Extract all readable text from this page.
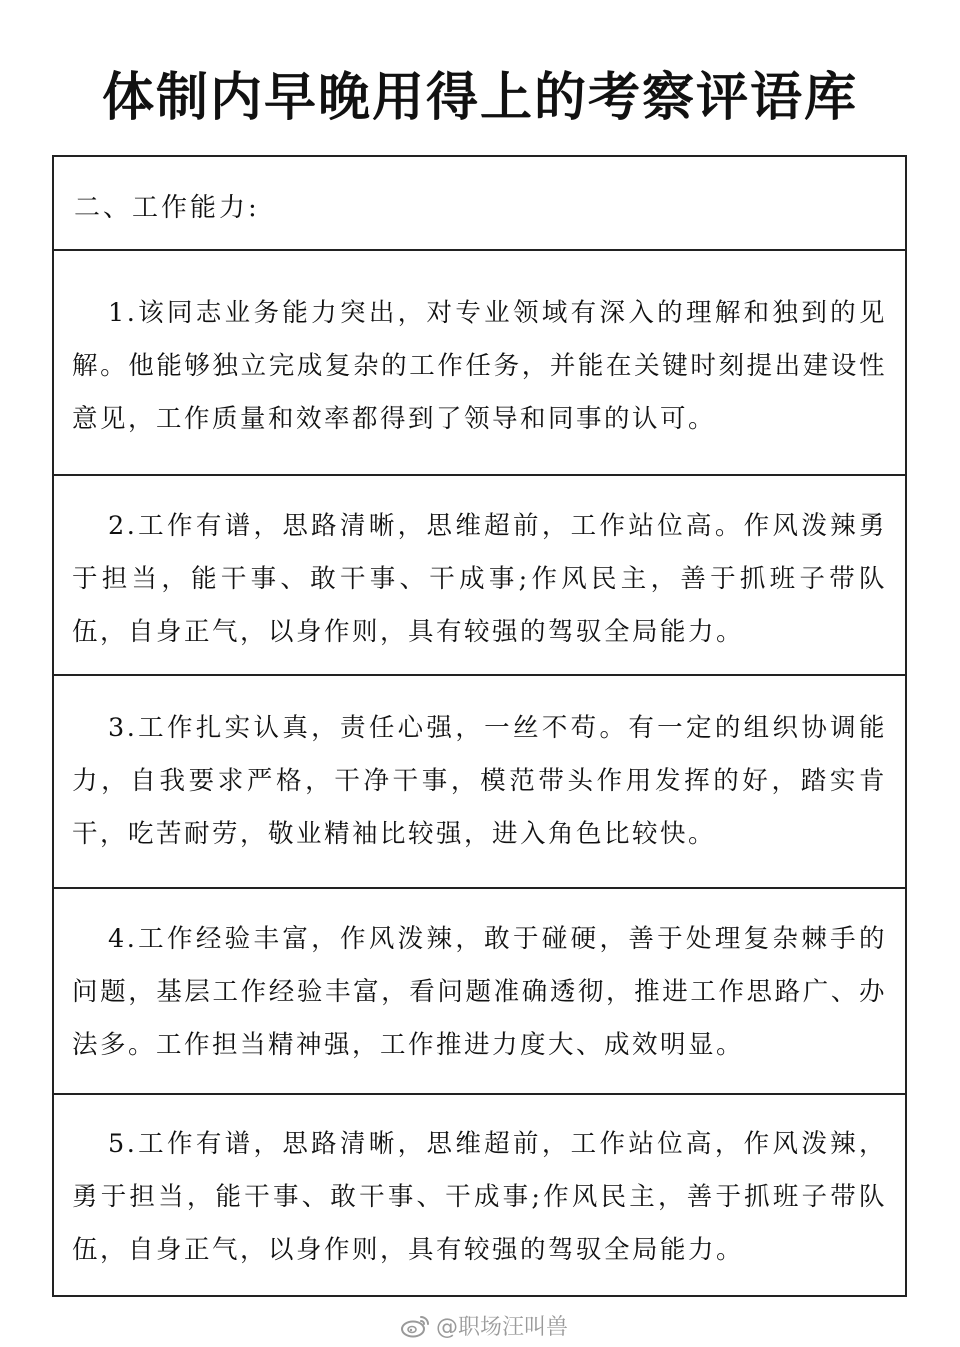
体制内早晚用得上的考察评语库
二、工作能力:

1.该同志业务能力突出，对专业领域有深入的理解和独到的见解。他能够独立完成复杂的工作任务，并能在关键时刻提出建设性意见，工作质量和效率都得到了领导和同事的认可。

2.工作有谱，思路清晰，思维超前，工作站位高。作风泼辣勇于担当，能干事、敢干事、干成事;作风民主，善于抓班子带队伍，自身正气，以身作则，具有较强的驾驭全局能力。

3.工作扎实认真，责任心强，一丝不苟。有一定的组织协调能力，自我要求严格，干净干事，模范带头作用发挥的好，踏实肯干，吃苦耐劳，敬业精袖比较强，进入角色比较快。

4.工作经验丰富，作风泼辣，敢于碰硬，善于处理复杂棘手的问题，基层工作经验丰富，看问题准确透彻，推进工作思路广、办法多。工作担当精神强，工作推进力度大、成效明显。

5.工作有谱，思路清晰，思维超前，工作站位高，作风泼辣，勇于担当，能干事、敢干事、干成事;作风民主，善于抓班子带队伍，自身正气，以身作则，具有较强的驾驭全局能力。

@职场汪叫兽
